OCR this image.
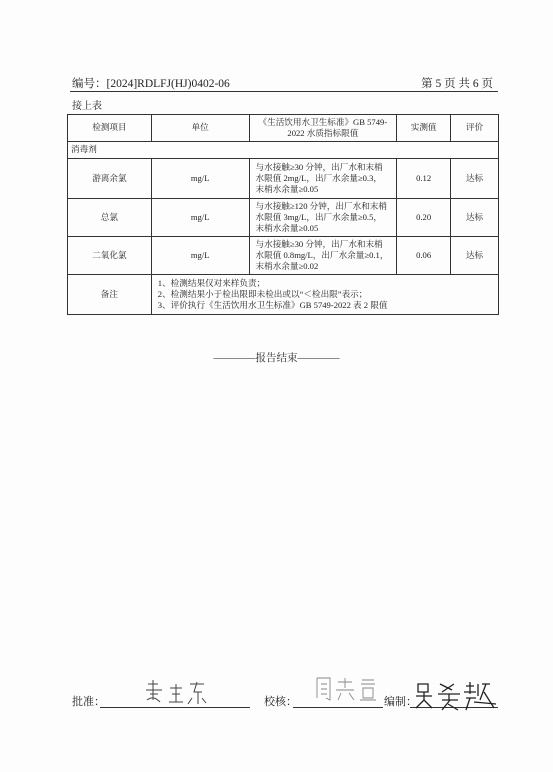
编号：[2024]RDLFJ(HJ)0402-06	第 5 页 共 6 页
接上表
检测项目	单位	《生活饮用水卫生标准》GB 5749-2022 水质指标限值	实测值	评价
消毒剂				
游离余氯	mg/L	与水接触≥30 分钟，出厂水和末梢
水限值 2mg/L，出厂水余量≥0.3，
末梢水余量≥0.05	0.12	达标
总氯	mg/L	与水接触≥120 分钟，出厂水和末梢
水限值 3mg/L，出厂水余量≥0.5，
末梢水余量≥0.05	0.20	达标
二氧化氯	mg/L	与水接触≥30 分钟，出厂水和末梢
水限值 0.8mg/L，出厂水余量≥0.1，
末梢水余量≥0.02	0.06	达标
备注	1、检测结果仅对来样负责；
2、检测结果小于检出限即未检出或以“＜检出限”表示；
3、评价执行《生活饮用水卫生标准》GB 5749-2022 表 2 限值			
————报告结束————
批准：	校核：	编制：
